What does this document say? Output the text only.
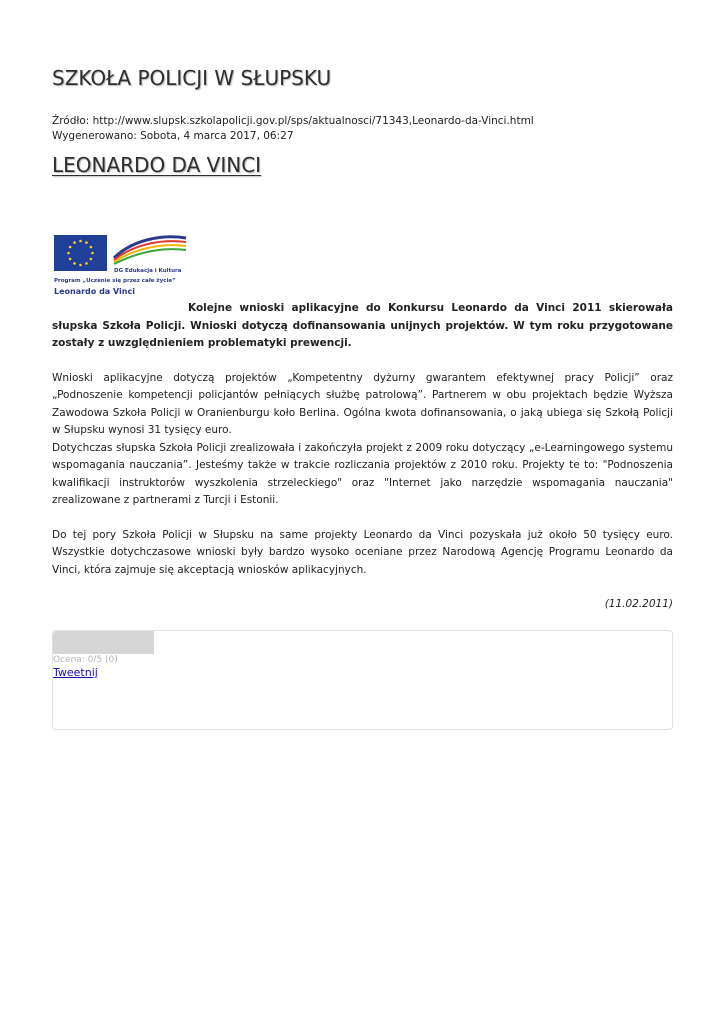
SZKOŁA POLICJI W SŁUPSKU
Źródło: http://www.slupsk.szkolapolicji.gov.pl/sps/aktualnosci/71343,Leonardo-da-Vinci.html
Wygenerowano: Sobota, 4 marca 2017, 06:27
LEONARDO DA VINCI
DG Edukacja i Kultura
Program „Uczenie się przez całe życie”
Leonardo da Vinci

Kolejne wnioski aplikacyjne do Konkursu Leonardo da Vinci 2011 skierowała słupska Szkoła Policji. Wnioski dotyczą dofinansowania unijnych projektów. W tym roku przygotowane zostały z uwzględnieniem problematyki prewencji.

Wnioski aplikacyjne dotyczą projektów „Kompetentny dyżurny gwarantem efektywnej pracy Policji” oraz „Podnoszenie kompetencji policjantów pełniących służbę patrolową”. Partnerem w obu projektach będzie Wyższa Zawodowa Szkoła Policji w Oranienburgu koło Berlina. Ogólna kwota dofinansowania, o jaką ubiega się Szkołą Policji w Słupsku wynosi 31 tysięcy euro.

Dotychczas słupska Szkoła Policji zrealizowała i zakończyła projekt z 2009 roku dotyczący „e-Learningowego systemu wspomagania nauczania”. Jesteśmy także w trakcie rozliczania projektów z 2010 roku. Projekty te to: "Podnoszenia kwalifikacji instruktorów wyszkolenia strzeleckiego" oraz "Internet jako narzędzie wspomagania nauczania" zrealizowane z partnerami z Turcji i Estonii.

Do tej pory Szkoła Policji w Słupsku na same projekty Leonardo da Vinci pozyskała już około 50 tysięcy euro. Wszystkie dotychczasowe wnioski były bardzo wysoko oceniane przez Narodową Agencję Programu Leonardo da Vinci, która zajmuje się akceptacją wniosków aplikacyjnych.

(11.02.2011)

Ocena: 0/5 (0)
Tweetnij
